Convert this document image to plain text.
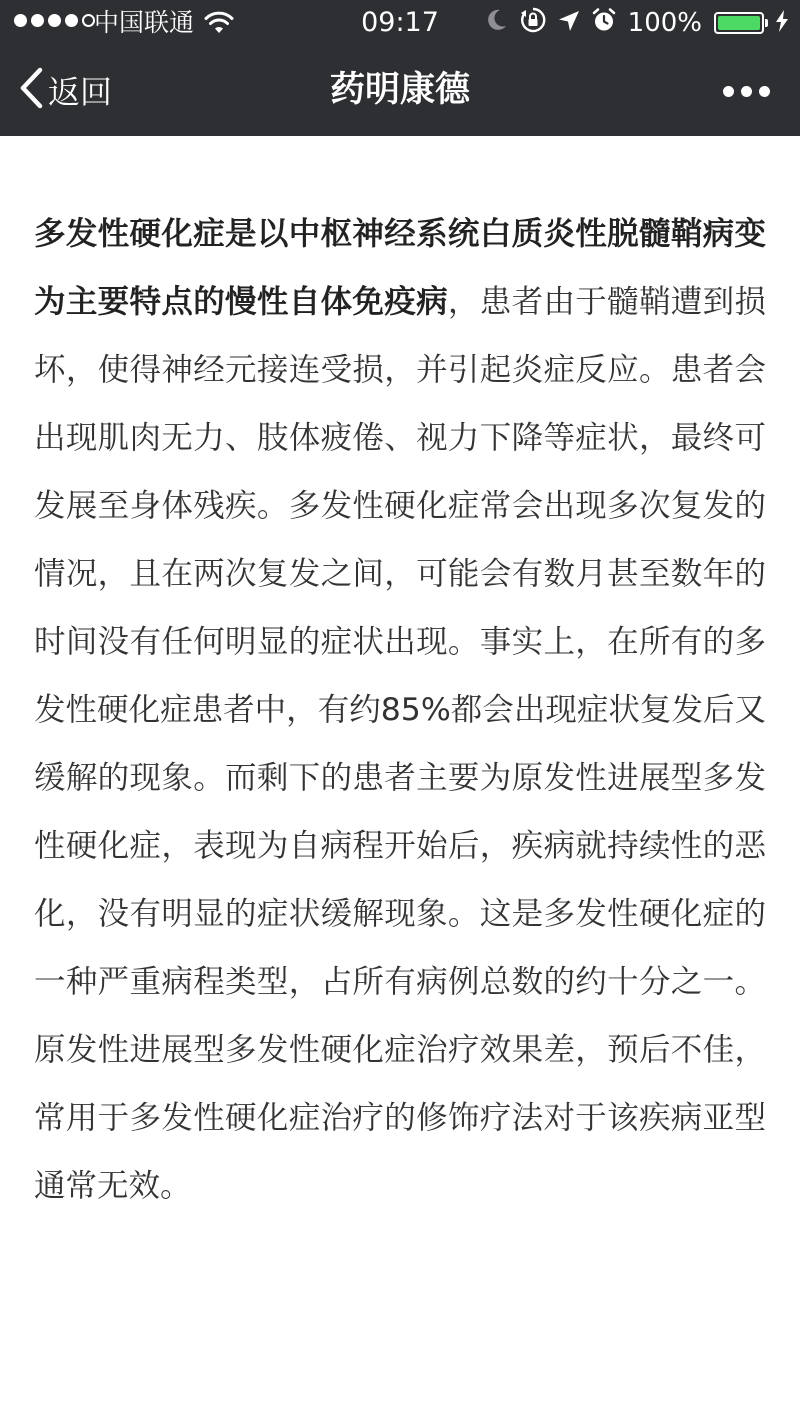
中国联通	09:17	100%
返回	药明康德
多发性硬化症是以中枢神经系统白质炎性脱髓鞘病变为主要特点的慢性自体免疫病，患者由于髓鞘遭到损坏，使得神经元接连受损，并引起炎症反应。患者会出现肌肉无力、肢体疲倦、视力下降等症状，最终可发展至身体残疾。多发性硬化症常会出现多次复发的情况，且在两次复发之间，可能会有数月甚至数年的时间没有任何明显的症状出现。事实上，在所有的多发性硬化症患者中，有约85%都会出现症状复发后又缓解的现象。而剩下的患者主要为原发性进展型多发性硬化症，表现为自病程开始后，疾病就持续性的恶化，没有明显的症状缓解现象。这是多发性硬化症的一种严重病程类型，占所有病例总数的约十分之一。原发性进展型多发性硬化症治疗效果差，预后不佳，常用于多发性硬化症治疗的修饰疗法对于该疾病亚型通常无效。
